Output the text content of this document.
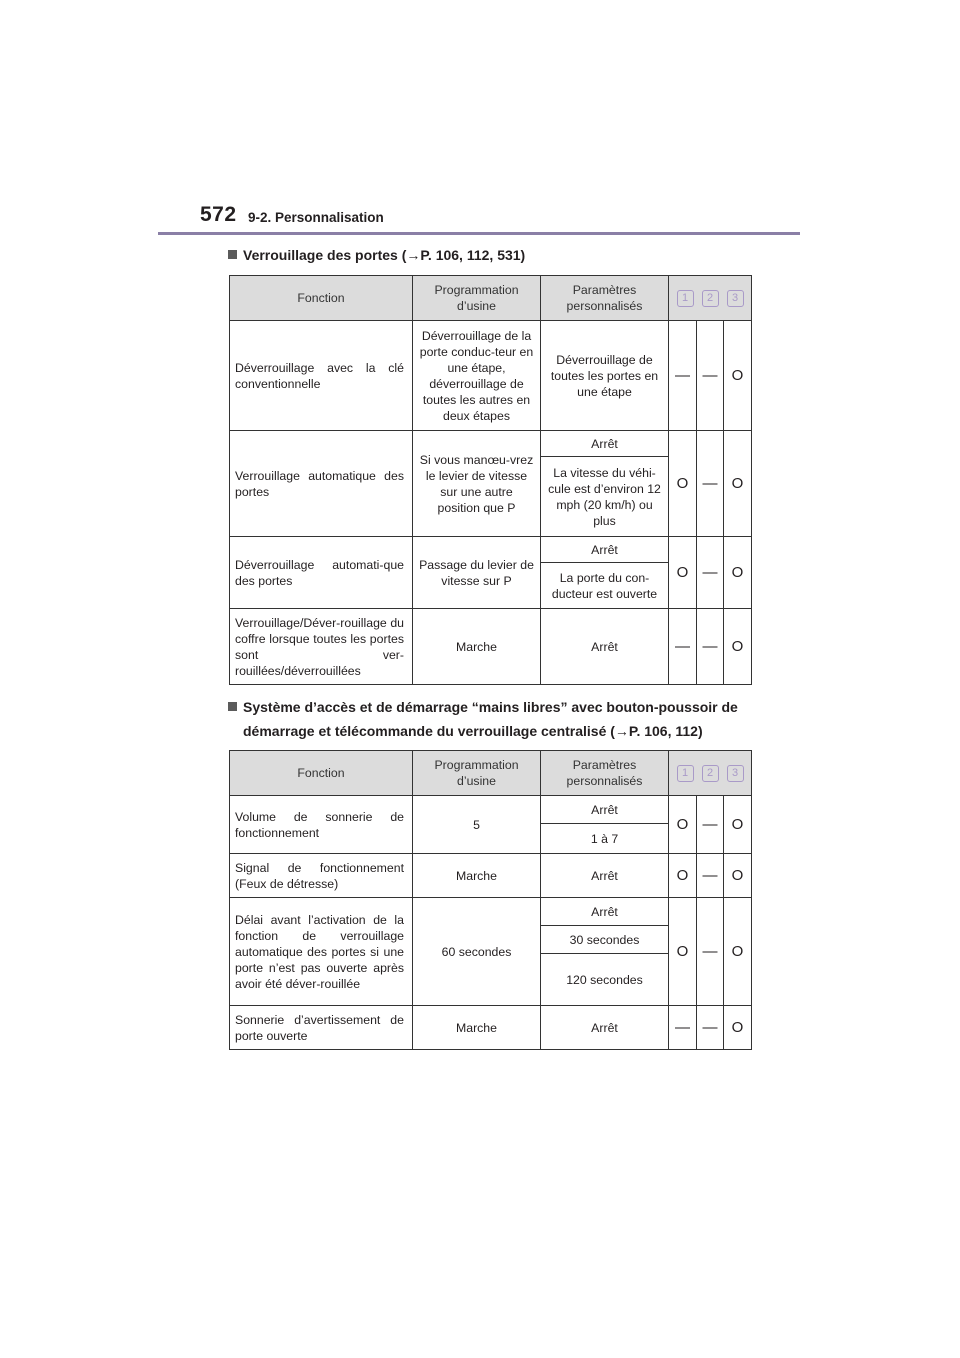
572 9-2. Personnalisation
Verrouillage des portes (→P. 106, 112, 531)
Fonction	Programmation d’usine	Paramètres personnalisés	1 2 3		

Déverrouillage avec la clé conventionnelle	Déverrouillage de la porte conduc-teur en une étape, déverrouillage de toutes les autres en deux étapes	Déverrouillage de toutes les portes en une étape	—	—	O
Verrouillage automatique des portes	Si vous manœu-vrez le levier de vitesse sur une autre position que P	Arrêt	O	—	O
		La vitesse du véhi-cule est d’environ 12 mph (20 km/h) ou plus			
Déverrouillage automati-que des portes	Passage du levier de vitesse sur P	Arrêt	O	—	O
		La porte du con-ducteur est ouverte			
Verrouillage/Déver-rouillage du coffre lorsque toutes les portes sont ver-rouillées/déverrouillées	Marche	Arrêt	—	—	O
Système d’accès et de démarrage “mains libres” avec bouton-poussoir de
démarrage et télécommande du verrouillage centralisé (→P. 106, 112)
Fonction	Programmation d’usine	Paramètres personnalisés	1 2 3		

Volume de sonnerie de fonctionnement	5	Arrêt	O	—	O
		1 à 7			
Signal de fonctionnement (Feux de détresse)	Marche	Arrêt	O	—	O
Délai avant l’activation de la fonction de verrouillage automatique des portes si une porte n’est pas ouverte après avoir été déver-rouillée	60 secondes	Arrêt	O	—	O
		30 secondes			
		120 secondes			
Sonnerie d’avertissement de porte ouverte	Marche	Arrêt	—	—	O
